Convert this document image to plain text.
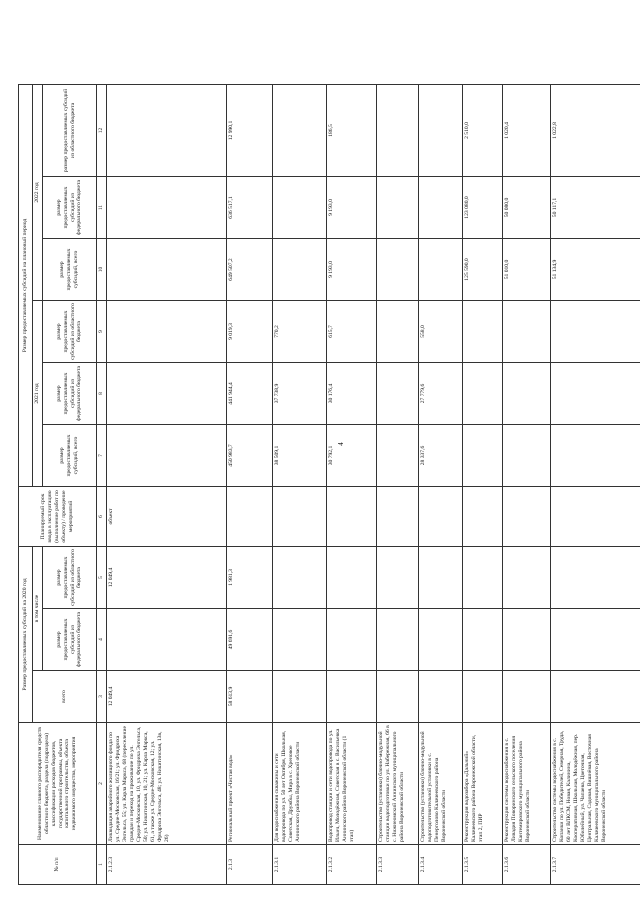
4
№ п/п	Наименование главного распорядителя средств областного бюджета, раздела (подраздела) классификации расходов бюджетов, государственной программы, объекта капитального строительства, объекта недвижимого имущества, мероприятия	Размер предоставляемых субсидий на 2020 год			Планируемый срок ввода в эксплуатацию (выполнение работ по объекту) / проведение мероприятий	Размер предоставляемых субсидий на плановый период					
		всего	в том числе			2021 год			2022 год		
			размер предоставляемых субсидий из федерального бюджета	размер предоставляемых субсидий из областного бюджета		размер предоставляемых субсидий, всего	размер предоставляемых субсидий из федерального бюджета	размер предоставляемых субсидий из областного бюджета	размер предоставляемых субсидий, всего	размер предоставляемых субсидий из федерального бюджета	размер предоставляемых субсидий из областного бюджета

1	2	3	4	5	6	7	8	9	10	11	12
2.1.2.3	Ликвидация аварийного жилищного фонда по ул. Средне-Московская, 16/21; ул. Фридриха Энгельса, 55; ул. Карла Маркса, 68 (переселение граждан и переход на проживание по ул. Средне-Московская, 10, ул. Фридриха Энгельса, 50; ул. Никитинская, 10, 21; ул. Карла Маркса, 61, а также ул. Средне-Московская, 12; ул. Фридриха Энгельса, 48; ул. Никитинская, 13в, 26)	12 049,4		12 049,4	объект						
2.1.3	Региональный проект «Чистая вода»	58 613,9	49 691,6	1 981,3		450 983,7	441 944,4	9 019,3	649 507,2	636 517,1	12 990,1
2.1.3.1	Для водоснабжения скважины и сети водопровода по ул. 50 лет Октября, Школьная, Советская, Дружбы, Мира в с. Хреновое Аннинского района Воронежской области					38 509,1	37 738,9	770,2			
2.1.3.2	Водопровод станции и сети водопровода по ул. Ильич, Молодёжная, Советская в с. Васильевка Аннинского района Воронежской области (1 этап)					30 792,1	30 176,4	615,7	9 193,0	9 193,0	186,5
2.1.3.3	Строительство (установки) блочно-модульной станции водоподготовки по ул. Набережная, 66 в с. Нижнеомский Аннинского муниципального района Воронежской области										
2.1.3.4	Строительство (установки) блочно-модульной водоподготовительной установки в с. Пенерголово Калачеевского района Воронежской области					28 337,6	27 779,6	558,0			
2.1.3.5	Реконструкция водозабора «Дальний» Калачеевского района Воронежской области, этап 2, ПИР								125 590,0	123 080,0	2 510,0
2.1.3.6	Реконструкция системы водоснабжения в с. Ливадия Поворинского сельского поселения Кантемировского муниципального района Воронежской области								51 010,0	50 080,0	1 020,4
2.1.3.7	Строительство системы водоснабжения в с. Копанки по ул. Победителей, Северная, Труда, 60 лет ВЛКСМ, Новая, Калинина, Кооперативная, Школьная, Молодёжная, пер. Юбилейный, ул. Чапаева, Цветочная, Центральная, Садовая, Вишнёвая, Восточная Калачеевского муниципального района Воронежской области								51 134,9	50 117,1	1 022,8
